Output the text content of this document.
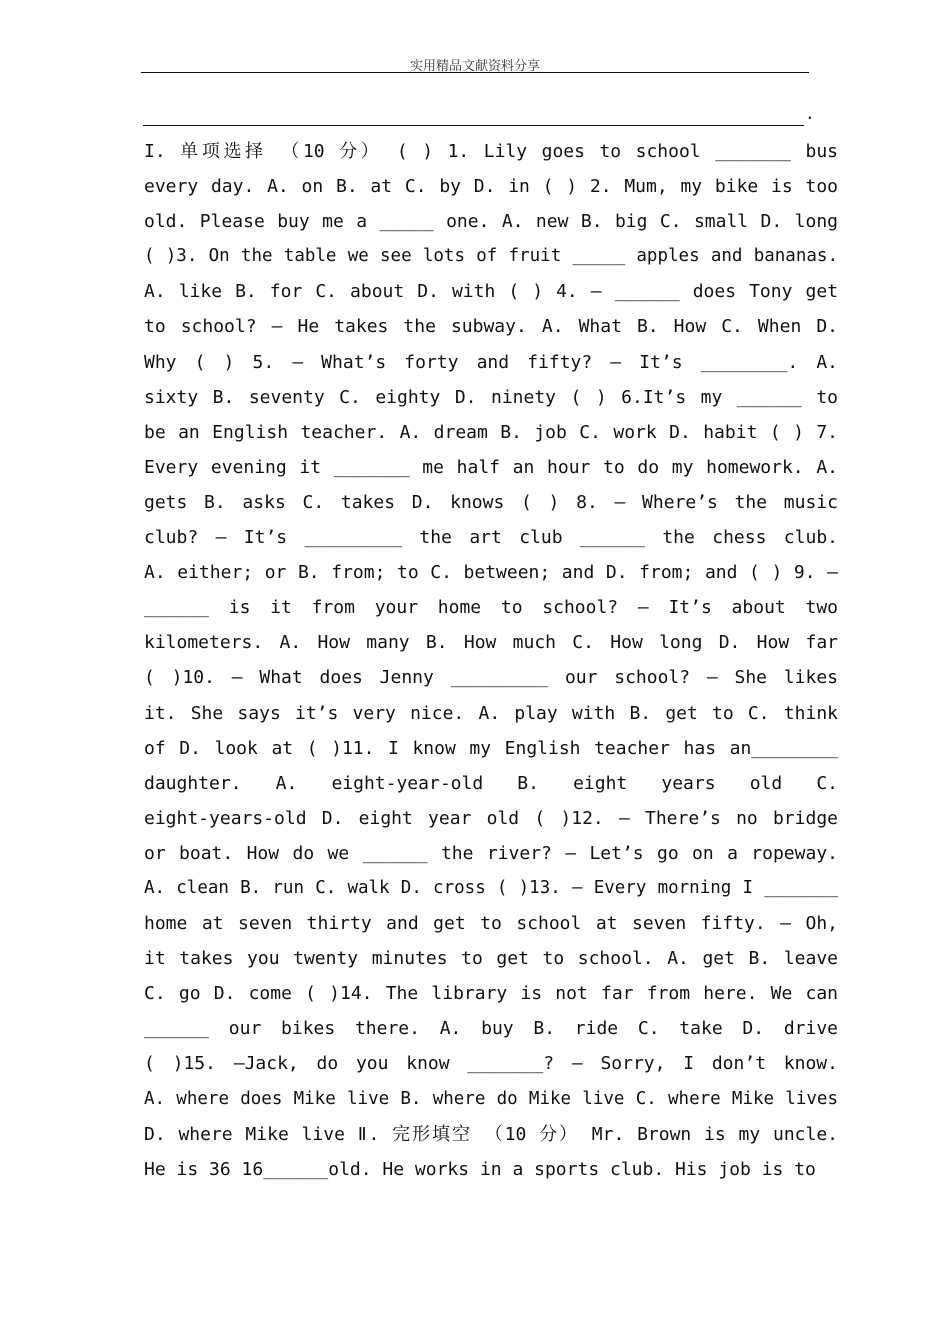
实用精品文献资料分享
.
I. 单项选择 （10 分） ( ) 1. Lily goes to school _______ bus
every day. A. on B. at C. by D. in ( ) 2. Mum, my bike is too
old. Please buy me a _____ one. A. new B. big C. small D. long
( )3. On the table we see lots of fruit _____ apples and bananas.
A. like B. for C. about D. with ( ) 4. — ______ does Tony get
to school? — He takes the subway. A. What B. How C. When D.
Why ( ) 5. — What’s forty and fifty? — It’s ________. A.
sixty B. seventy C. eighty D. ninety ( ) 6.It’s my ______ to
be an English teacher. A. dream B. job C. work D. habit ( ) 7.
Every evening it _______ me half an hour to do my homework. A.
gets B. asks C. takes D. knows ( ) 8. — Where’s the music
club? — It’s _________ the art club ______ the chess club.
A. either; or B. from; to C. between; and D. from; and ( ) 9. —
______ is it from your home to school? — It’s about two
kilometers. A. How many B. How much C. How long D. How far
( )10. — What does Jenny _________ our school? — She likes
it. She says it’s very nice. A. play with B. get to C. think
of D. look at ( )11. I know my English teacher has an________
daughter. A. eight-year-old B. eight years old C.
eight-years-old D. eight year old ( )12. — There’s no bridge
or boat. How do we ______ the river? — Let’s go on a ropeway.
A. clean B. run C. walk D. cross ( )13. — Every morning I _______
home at seven thirty and get to school at seven fifty. — Oh,
it takes you twenty minutes to get to school. A. get B. leave
C. go D. come ( )14. The library is not far from here. We can
______ our bikes there. A. buy B. ride C. take D. drive
( )15. —Jack, do you know _______? — Sorry, I don’t know.
A. where does Mike live B. where do Mike live C. where Mike lives
D. where Mike live Ⅱ. 完形填空 （10 分） Mr. Brown is my uncle.
He is 36 16______old. He works in a sports club. His job is to
